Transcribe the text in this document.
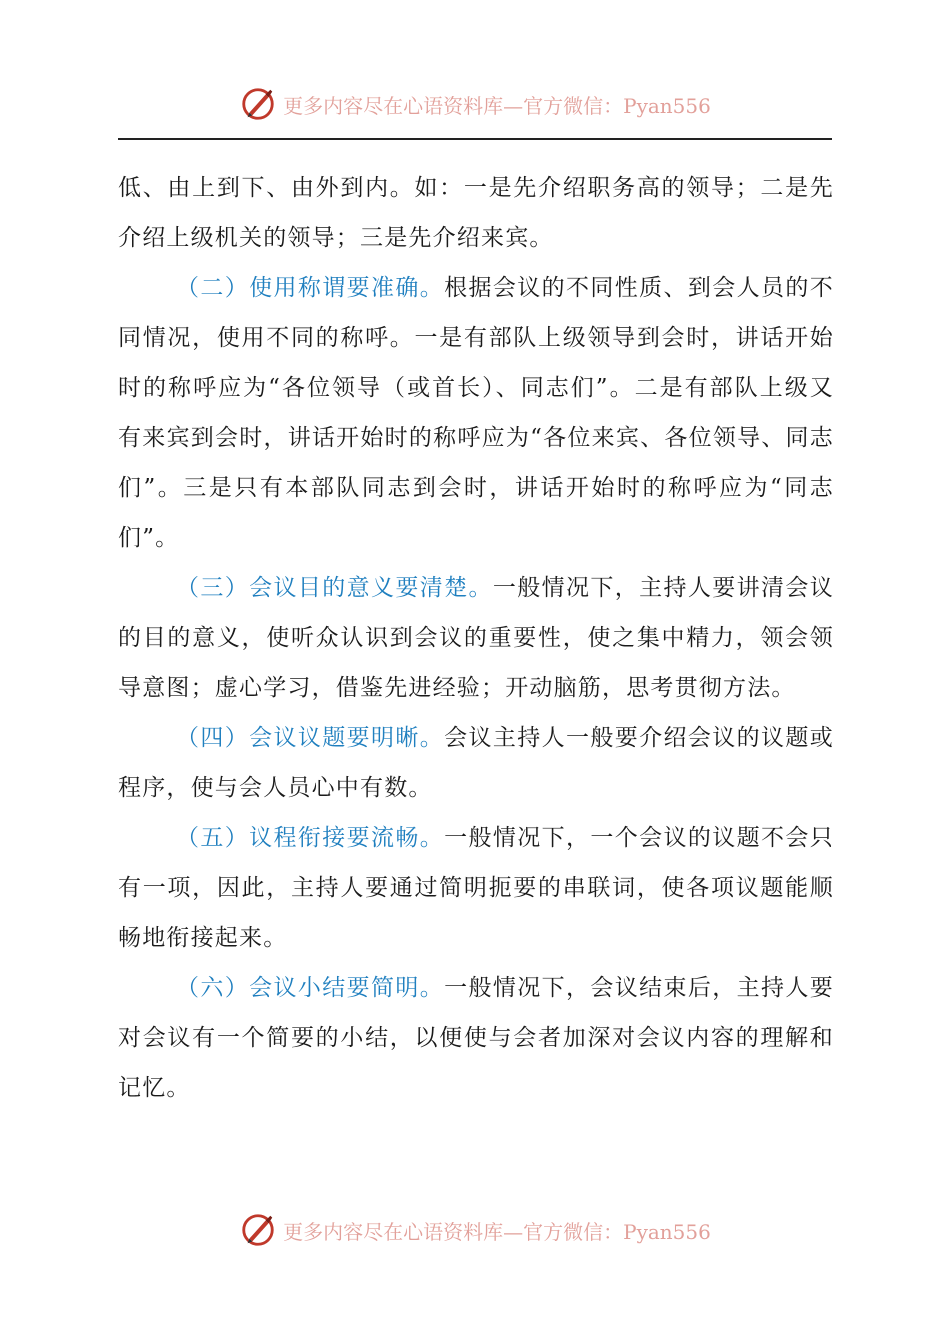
更多内容尽在心语资料库—官方微信：Pyan556

低、由上到下、由外到内。如：一是先介绍职务高的领导；二是先介绍上级机关的领导；三是先介绍来宾。

（二）使用称谓要准确。根据会议的不同性质、到会人员的不同情况，使用不同的称呼。一是有部队上级领导到会时，讲话开始时的称呼应为“各位领导（或首长）、同志们”。二是有部队上级又有来宾到会时，讲话开始时的称呼应为“各位来宾、各位领导、同志们”。三是只有本部队同志到会时，讲话开始时的称呼应为“同志们”。

（三）会议目的意义要清楚。一般情况下，主持人要讲清会议的目的意义，使听众认识到会议的重要性，使之集中精力，领会领导意图；虚心学习，借鉴先进经验；开动脑筋，思考贯彻方法。

（四）会议议题要明晰。会议主持人一般要介绍会议的议题或程序，使与会人员心中有数。

（五）议程衔接要流畅。一般情况下，一个会议的议题不会只有一项，因此，主持人要通过简明扼要的串联词，使各项议题能顺畅地衔接起来。

（六）会议小结要简明。一般情况下，会议结束后，主持人要对会议有一个简要的小结，以便使与会者加深对会议内容的理解和记忆。

更多内容尽在心语资料库—官方微信：Pyan556
